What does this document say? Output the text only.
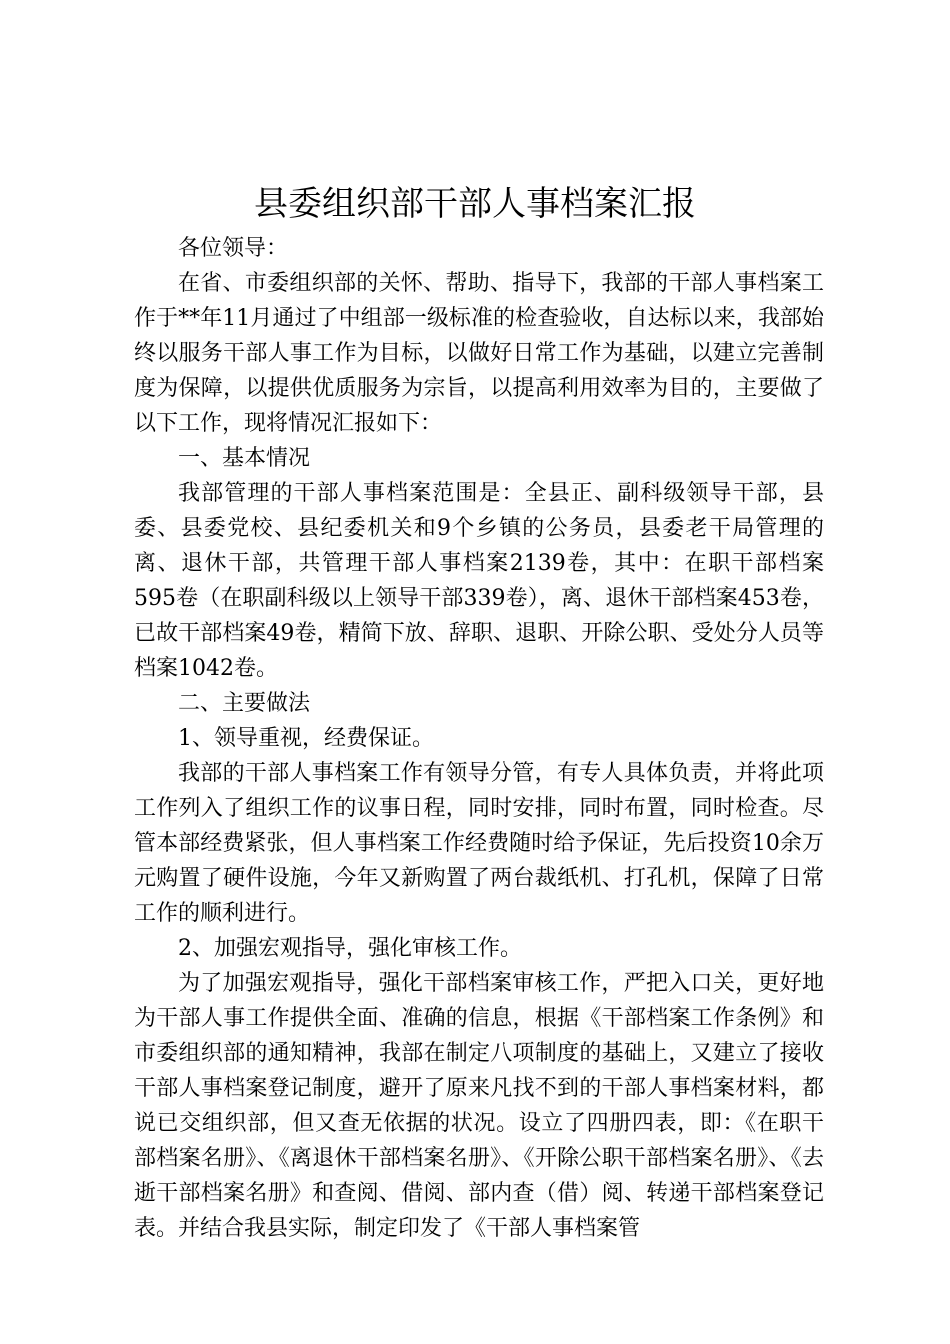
县委组织部干部人事档案汇报

各位领导：

在省、市委组织部的关怀、帮助、指导下，我部的干部人事档案工作于**年11月通过了中组部一级标准的检查验收，自达标以来，我部始终以服务干部人事工作为目标，以做好日常工作为基础，以建立完善制度为保障，以提供优质服务为宗旨，以提高利用效率为目的，主要做了以下工作，现将情况汇报如下：

一、基本情况

我部管理的干部人事档案范围是：全县正、副科级领导干部，县委、县委党校、县纪委机关和9个乡镇的公务员，县委老干局管理的离、退休干部，共管理干部人事档案2139卷，其中：在职干部档案595卷（在职副科级以上领导干部339卷），离、退休干部档案453卷，已故干部档案49卷，精简下放、辞职、退职、开除公职、受处分人员等档案1042卷。

二、主要做法

1、领导重视，经费保证。

我部的干部人事档案工作有领导分管，有专人具体负责，并将此项工作列入了组织工作的议事日程，同时安排，同时布置，同时检查。尽管本部经费紧张，但人事档案工作经费随时给予保证，先后投资10余万元购置了硬件设施，今年又新购置了两台裁纸机、打孔机，保障了日常工作的顺利进行。

2、加强宏观指导，强化审核工作。

为了加强宏观指导，强化干部档案审核工作，严把入口关，更好地为干部人事工作提供全面、准确的信息，根据《干部档案工作条例》和市委组织部的通知精神，我部在制定八项制度的基础上，又建立了接收干部人事档案登记制度，避开了原来凡找不到的干部人事档案材料，都说已交组织部，但又查无依据的状况。设立了四册四表，即：《在职干部档案名册》、《离退休干部档案名册》、《开除公职干部档案名册》、《去逝干部档案名册》和查阅、借阅、部内查（借）阅、转递干部档案登记表。并结合我县实际，制定印发了《干部人事档案管
